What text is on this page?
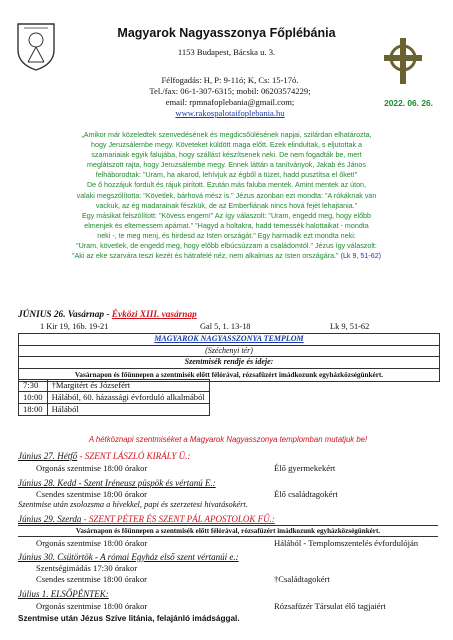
Magyarok Nagyasszonya Főplébánia
1153 Budapest, Bácska u. 3.
Félfogadás: H, P: 9-11ó; K, Cs: 15-17ó.
Tel./fax: 06-1-307-6315; mobil: 06203574229;
email: rpmnafoplebania@gmail.com;
www.rakospalotaifoplebania.hu
2022. 06. 26.
„Amikor már közeledtek szenvedésének és megdicsőülésének napjai, szilárdan elhatározta,
hogy Jeruzsálembe megy. Követeket küldött maga előtt. Ezek elindultak, s eljutottak a
szamariaiak egyik falujába, hogy szállást készítsenek neki. De nem fogadták be, mert
meglátszott rajta, hogy Jeruzsálembe megy. Ennek láttán a tanítványok, Jakab és János
felháborodtak: "Uram, ha akarod, lehívjuk az égből a tüzet, hadd pusztítsa el őket!"
De ő hozzájuk fordult és rájuk pirított. Ezután más faluba mentek. Amint mentek az úton,
valaki megszólította: "Követlek, bárhová mész is." Jézus azonban ezt mondta: "A rókáknak van
vackuk, az ég madarainak fészkük, de az Emberfiának nincs hová fejét lehajtania."
Egy másikat felszólított: "Kövess engem!" Az így válaszolt: "Uram, engedd meg, hogy előbb
elmenjek és eltemessem apámat." "Hagyd a holtakra, hadd temessék halottaikat - mondta
neki -, te meg menj, és hirdesd az Isten országát." Egy harmadik ezt mondta neki:
"Uram, követlek, de engedd meg, hogy előbb elbúcsúzzam a családomtól." Jézus így válaszolt:
"Aki az eke szarvára teszi kezét és hátrafelé néz, nem alkalmas az Isten országára." (Lk 9, 51-62)
JÚNIUS 26. Vasárnap - Évközi XIII. vasárnap
1 Kir 19, 16b. 19-21	Gal 5, 1. 13-18	Lk 9, 51-62
MAGYAROK NAGYASSZONYA TEMPLOM
(Széchenyi tér)
Szentmisék rendje és ideje:
Vasárnapon és főünnepen a szentmisék előtt félórával, rózsafüzért imádkozunk egyházközségünkért.
7:30	†Margitért és Józsefért
10:00	Hálából, 60. házassági évforduló alkalmából
18:00	Hálából
A hétköznapi szentmiséket a Magyarok Nagyasszonya templomban mutatjuk be!
Június 27. Hétfő - SZENT LÁSZLÓ KIRÁLY Ü.:
Orgonás szentmise 18:00 órakor	Élő gyermekekért
Június 28. Kedd - Szent Iréneusz püspök és vértanú E.:
Csendes szentmise 18:00 órakor	Élő családtagokért
Szentmise után zsolozsma a hívekkel, papi és szerzetesi hivatásokért.
Június 29. Szerda - SZENT PÉTER ÉS SZENT PÁL APOSTOLOK FŰ.:
Vasárnapon és főünnepen a szentmisék előtt félórával, rózsafüzért imádkozunk egyházközségünkért.
Orgonás szentmise 18:00 órakor	Hálából - Templomszentelés évfordulóján
Június 30. Csütörtök - A római Egyház első szent vértanúi e.:
Szentségimádás 17:30 órakor
Csendes szentmise 18:00 órakor	†Családtagokért
Július 1. ELSŐPÉNTEK:
Orgonás szentmise 18:00 órakor	Rózsafüzér Társulat élő tagjaiért
Szentmise után Jézus Szíve litánia, felajánló imádsággal.
